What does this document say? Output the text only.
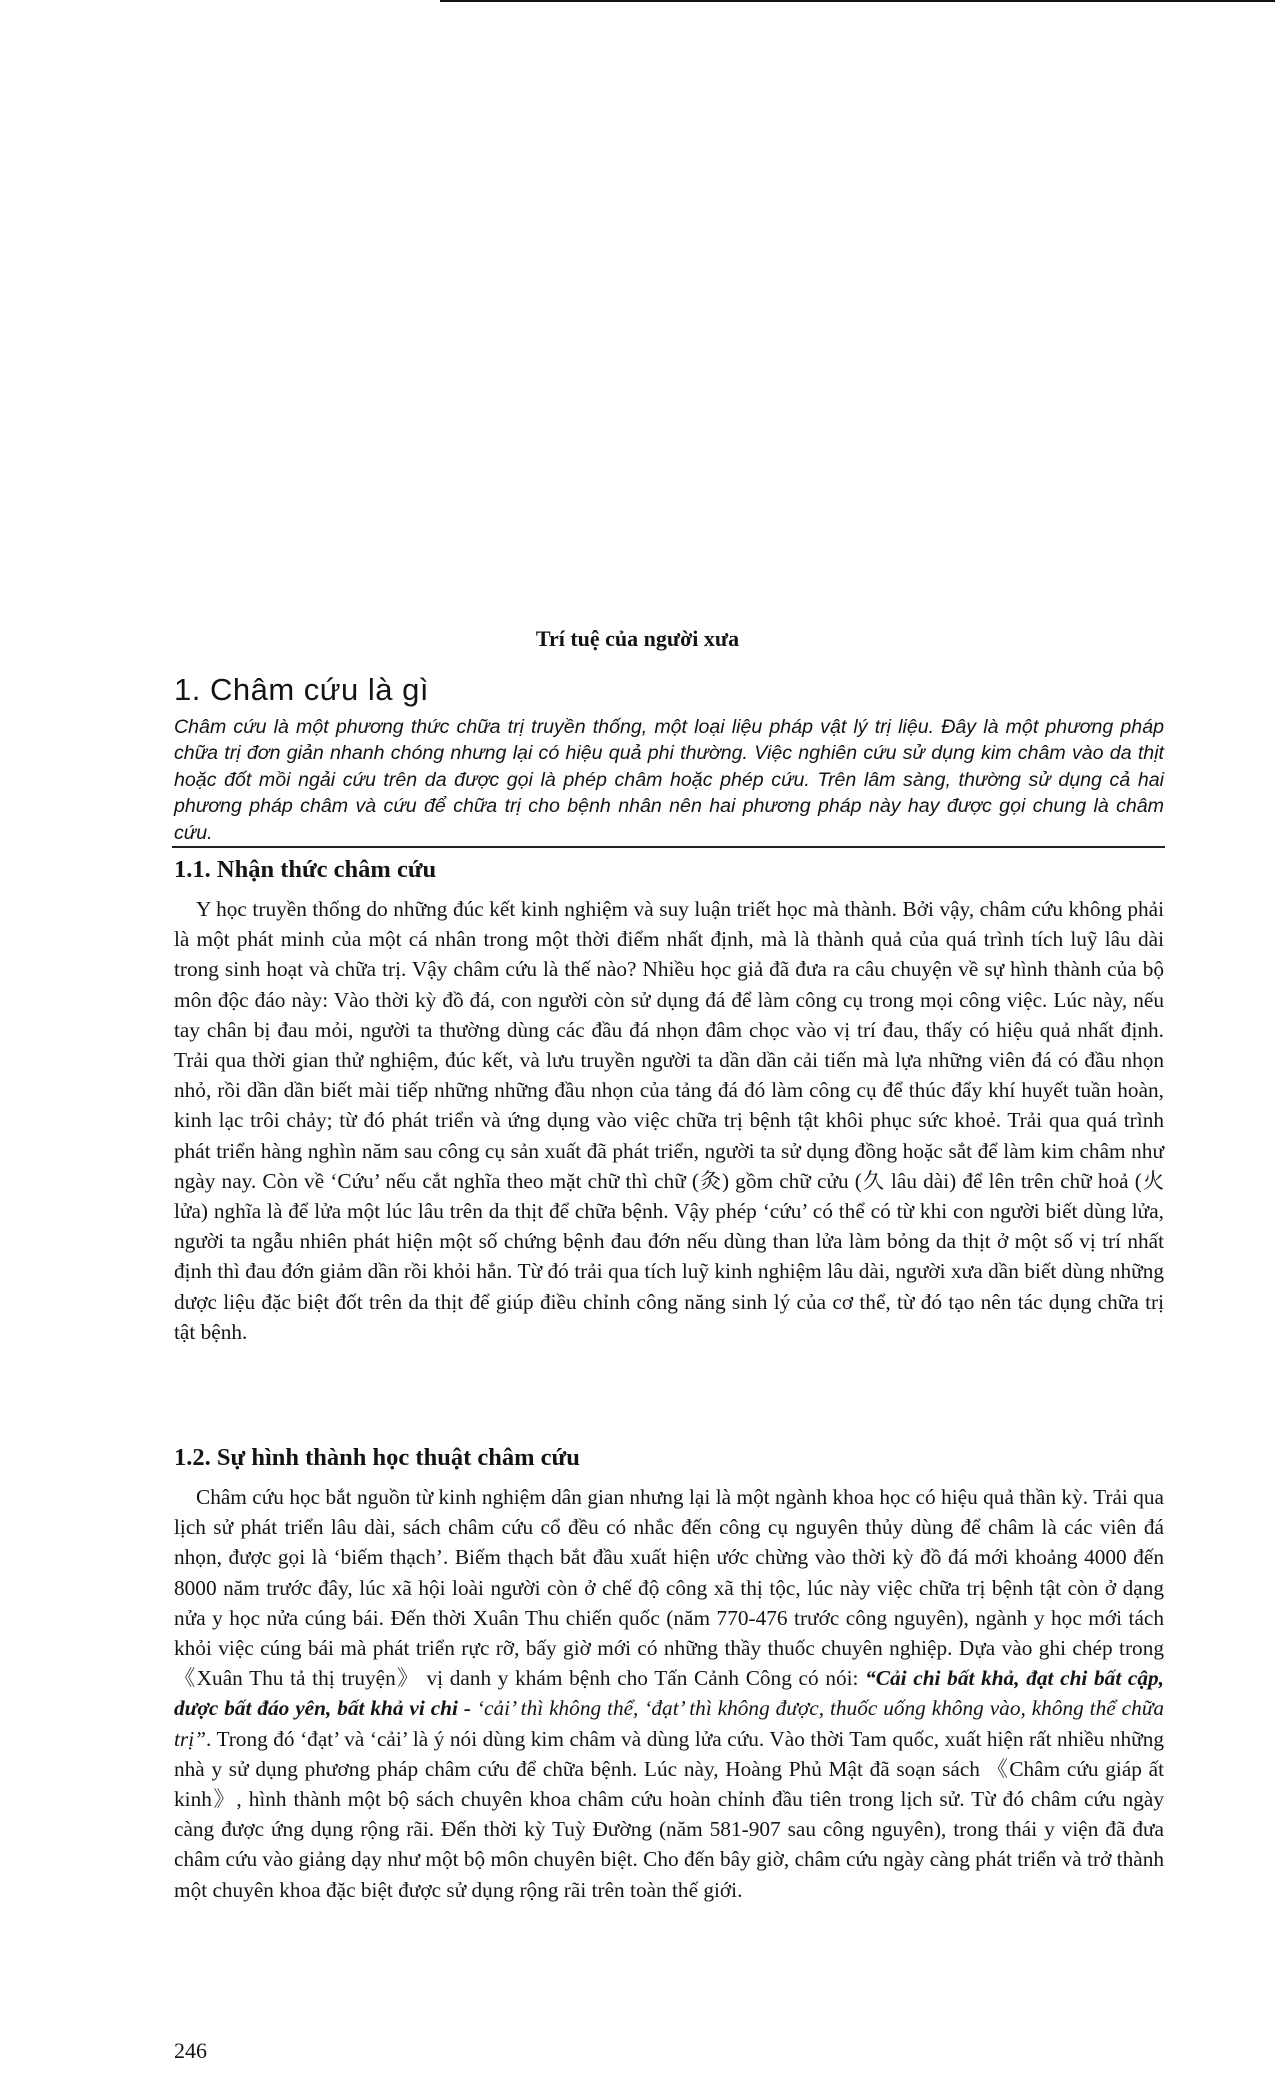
Trí tuệ của người xưa
1. Châm cứu là gì

Châm cứu là một phương thức chữa trị truyền thống, một loại liệu pháp vật lý trị liệu. Đây là một phương pháp chữa trị đơn giản nhanh chóng nhưng lại có hiệu quả phi thường. Việc nghiên cứu sử dụng kim châm vào da thịt hoặc đốt mồi ngải cứu trên da được gọi là phép châm hoặc phép cứu. Trên lâm sàng, thường sử dụng cả hai phương pháp châm và cứu để chữa trị cho bệnh nhân nên hai phương pháp này hay được gọi chung là châm cứu.

1.1. Nhận thức châm cứu

Y học truyền thống do những đúc kết kinh nghiệm và suy luận triết học mà thành. Bởi vậy, châm cứu không phải là một phát minh của một cá nhân trong một thời điểm nhất định, mà là thành quả của quá trình tích luỹ lâu dài trong sinh hoạt và chữa trị. Vậy châm cứu là thế nào? Nhiều học giả đã đưa ra câu chuyện về sự hình thành của bộ môn độc đáo này: Vào thời kỳ đồ đá, con người còn sử dụng đá để làm công cụ trong mọi công việc. Lúc này, nếu tay chân bị đau mỏi, người ta thường dùng các đầu đá nhọn đâm chọc vào vị trí đau, thấy có hiệu quả nhất định. Trải qua thời gian thử nghiệm, đúc kết, và lưu truyền người ta dần dần cải tiến mà lựa những viên đá có đầu nhọn nhỏ, rồi dần dần biết mài tiếp những những đầu nhọn của tảng đá đó làm công cụ để thúc đẩy khí huyết tuần hoàn, kinh lạc trôi chảy; từ đó phát triển và ứng dụng vào việc chữa trị bệnh tật khôi phục sức khoẻ. Trải qua quá trình phát triển hàng nghìn năm sau công cụ sản xuất đã phát triển, người ta sử dụng đồng hoặc sắt để làm kim châm như ngày nay. Còn về ‘Cứu’ nếu cắt nghĩa theo mặt chữ thì chữ (灸) gồm chữ cửu (久 lâu dài) để lên trên chữ hoả (火 lửa) nghĩa là để lửa một lúc lâu trên da thịt để chữa bệnh. Vậy phép ‘cứu’ có thể có từ khi con người biết dùng lửa, người ta ngẫu nhiên phát hiện một số chứng bệnh đau đớn nếu dùng than lửa làm bỏng da thịt ở một số vị trí nhất định thì đau đớn giảm dần rồi khỏi hẳn. Từ đó trải qua tích luỹ kinh nghiệm lâu dài, người xưa dần biết dùng những dược liệu đặc biệt đốt trên da thịt để giúp điều chỉnh công năng sinh lý của cơ thể, từ đó tạo nên tác dụng chữa trị tật bệnh.

1.2. Sự hình thành học thuật châm cứu

Châm cứu học bắt nguồn từ kinh nghiệm dân gian nhưng lại là một ngành khoa học có hiệu quả thần kỳ. Trải qua lịch sử phát triển lâu dài, sách châm cứu cổ đều có nhắc đến công cụ nguyên thủy dùng để châm là các viên đá nhọn, được gọi là ‘biếm thạch’. Biếm thạch bắt đầu xuất hiện ước chừng vào thời kỳ đồ đá mới khoảng 4000 đến 8000 năm trước đây, lúc xã hội loài người còn ở chế độ công xã thị tộc, lúc này việc chữa trị bệnh tật còn ở dạng nửa y học nửa cúng bái. Đến thời Xuân Thu chiến quốc (năm 770-476 trước công nguyên), ngành y học mới tách khỏi việc cúng bái mà phát triển rực rỡ, bấy giờ mới có những thầy thuốc chuyên nghiệp. Dựa vào ghi chép trong 《Xuân Thu tả thị truyện》 vị danh y khám bệnh cho Tấn Cảnh Công có nói: “Cải chi bất khả, đạt chi bất cập, dược bất đáo yên, bất khả vi chi - ‘cải’ thì không thể, ‘đạt’ thì không được, thuốc uống không vào, không thể chữa trị”. Trong đó ‘đạt’ và ‘cải’ là ý nói dùng kim châm và dùng lửa cứu. Vào thời Tam quốc, xuất hiện rất nhiều những nhà y sử dụng phương pháp châm cứu để chữa bệnh. Lúc này, Hoàng Phủ Mật đã soạn sách 《Châm cứu giáp ất kinh》, hình thành một bộ sách chuyên khoa châm cứu hoàn chỉnh đầu tiên trong lịch sử. Từ đó châm cứu ngày càng được ứng dụng rộng rãi. Đến thời kỳ Tuỳ Đường (năm 581-907 sau công nguyên), trong thái y viện đã đưa châm cứu vào giảng dạy như một bộ môn chuyên biệt. Cho đến bây giờ, châm cứu ngày càng phát triển và trở thành một chuyên khoa đặc biệt được sử dụng rộng rãi trên toàn thế giới.

246
